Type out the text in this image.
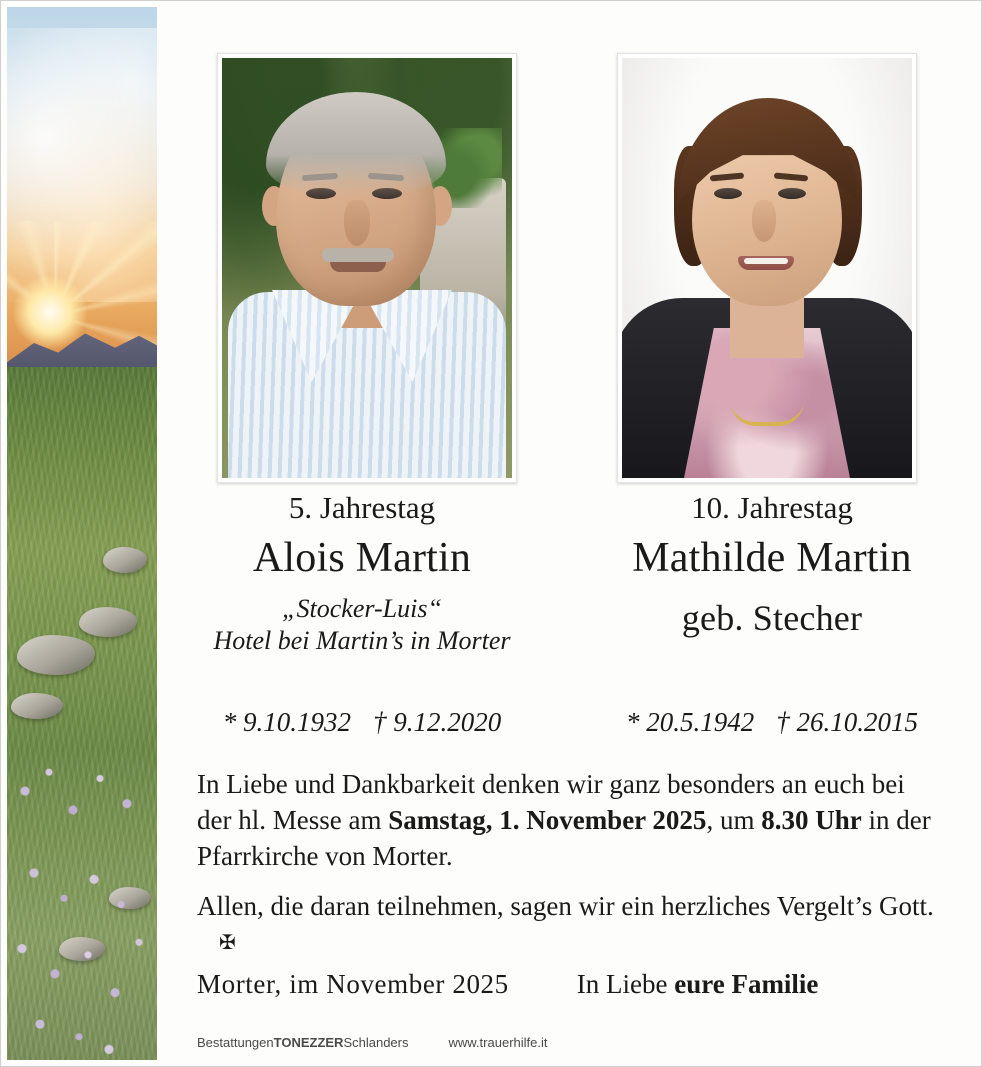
5. Jahrestag
Alois Martin
„Stocker-Luis“
Hotel bei Martin’s in Morter
10. Jahrestag
Mathilde Martin
geb. Stecher
* 9.10.1932 † 9.12.2020	* 20.5.1942 † 26.10.2015

In Liebe und Dankbarkeit denken wir ganz besonders an euch bei der hl. Messe am Samstag, 1. November 2025, um 8.30 Uhr in der Pfarrkirche von Morter.

Allen, die daran teilnehmen, sagen wir ein herzliches Vergelt’s Gott.✠

Morter, im November 2025	In Liebe eure Familie
Bestattungen TONEZZER Schlanders	www.trauerhilfe.it
